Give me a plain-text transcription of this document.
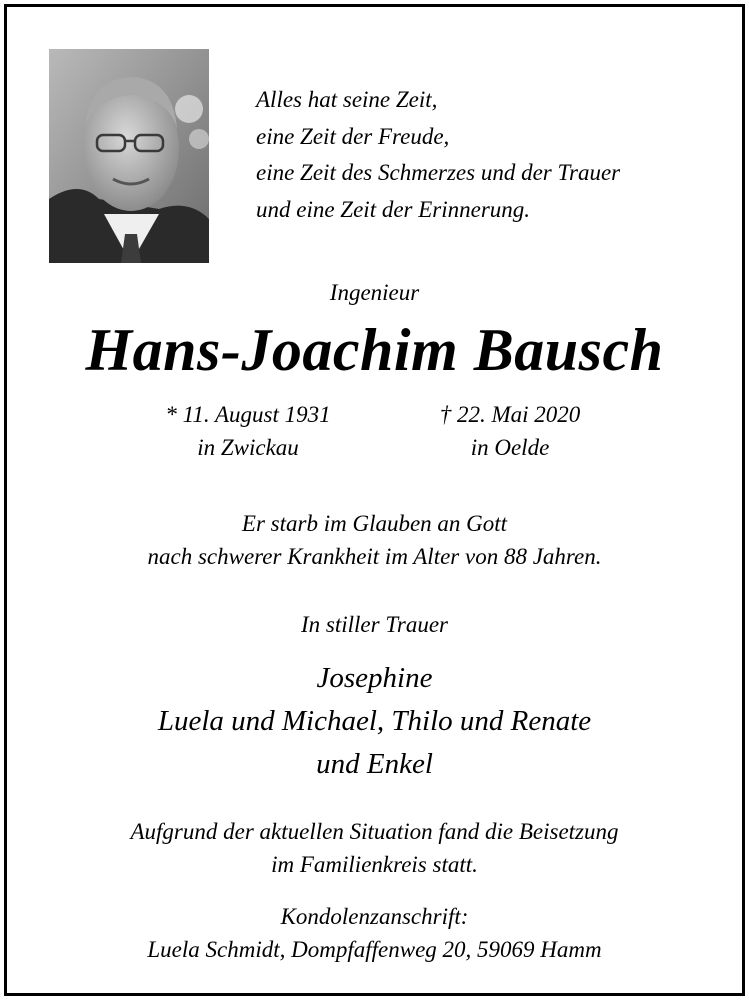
Alles hat seine Zeit,
eine Zeit der Freude,
eine Zeit des Schmerzes und der Trauer
und eine Zeit der Erinnerung.
Ingenieur
Hans-Joachim Bausch
* 11. August 1931
in Zwickau
† 22. Mai 2020
in Oelde
Er starb im Glauben an Gott
nach schwerer Krankheit im Alter von 88 Jahren.
In stiller Trauer
Josephine
Luela und Michael, Thilo und Renate
und Enkel
Aufgrund der aktuellen Situation fand die Beisetzung
im Familienkreis statt.
Kondolenzanschrift:
Luela Schmidt, Dompfaffenweg 20, 59069 Hamm
